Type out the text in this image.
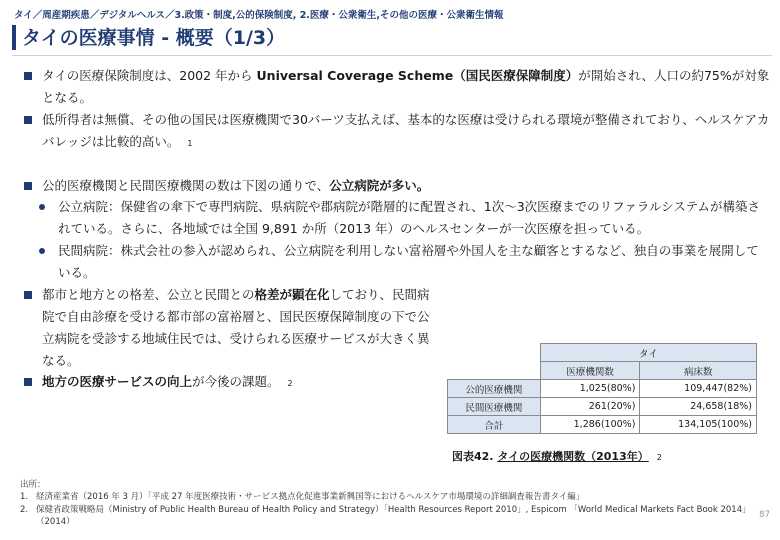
タイ／周産期疾患／デジタルヘルス／3.政策・制度,公的保険制度, 2.医療・公衆衛生,その他の医療・公衆衛生情報
タイの医療事情 - 概要（1/3）
タイの医療保険制度は、2002 年から Universal Coverage Scheme（国民医療保障制度）が開始され、人口の約75%が対象となる。
低所得者は無償、その他の国民は医療機関で30バーツ支払えば、基本的な医療は受けられる環境が整備されており、ヘルスケアカバレッジは比較的高い。 1
公的医療機関と民間医療機関の数は下図の通りで、公立病院が多い。
公立病院：保健省の傘下で専門病院、県病院や郡病院が階層的に配置され、1次～3次医療までのリファラルシステムが構築されている。さらに、各地域では全国 9,891 か所（2013 年）のヘルスセンターが一次医療を担っている。
民間病院：株式会社の参入が認められ、公立病院を利用しない富裕層や外国人を主な顧客とするなど、独自の事業を展開している。
都市と地方との格差、公立と民間との格差が顕在化しており、民間病院で自由診療を受ける都市部の富裕層と、国民医療保障制度の下で公立病院を受診する地域住民では、受けられる医療サービスが大きく異なる。
地方の医療サービスの向上が今後の課題。 2
	タイ	
	医療機関数	病床数
公的医療機関	1,025(80%)	109,447(82%)
民間医療機関	261(20%)	24,658(18%)
合計	1,286(100%)	134,105(100%)
図表42. タイの医療機関数（2013年） 2
出所：
1. 経済産業省（2016 年 3 月）「平成 27 年度医療技術・サービス拠点化促進事業新興国等におけるヘルスケア市場環境の詳細調査報告書タイ編」
2. 保健省政策戦略局（Ministry of Public Health Bureau of Health Policy and Strategy）「Health Resources Report 2010」, Espicom 「World Medical Markets Fact Book 2014」（2014）
87
